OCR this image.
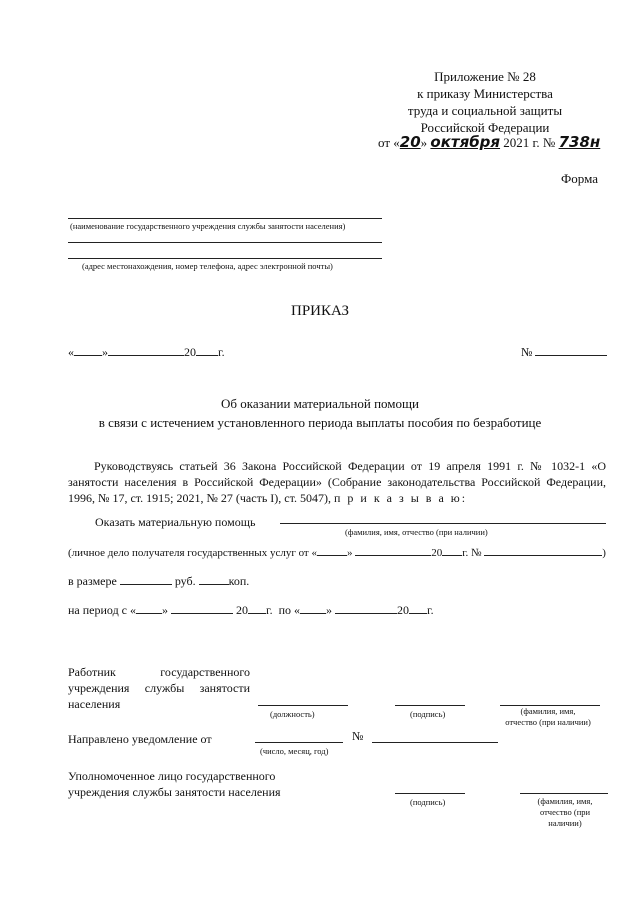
Приложение № 28
к приказу Министерства
труда и социальной защиты
Российской Федерации
от «20» октября 2021 г. № 738н
Форма
(наименование государственного учреждения службы занятости населения)
(адрес местонахождения, номер телефона, адрес электронной почты)
ПРИКАЗ
« »	20 г.	№
Об оказании материальной помощи
в связи с истечением установленного периода выплаты пособия по безработице
Руководствуясь статьей 36 Закона Российской Федерации от 19 апреля 1991 г. № 1032-1 «О занятости населения в Российской Федерации» (Собрание законодательства Российской Федерации, 1996, № 17, ст. 1915; 2021, № 27 (часть I), ст. 5047), п р и к а з ы в а ю:
Оказать материальную помощь
(фамилия, имя, отчество (при наличии)
(личное дело получателя государственных услуг от «	»	20 г. №	)
в размере	руб.	коп.
на период с « »	20 г. по « »	20 г.
Работник государственного
учреждения службы занятости
населения
(должность)	(подпись)	(фамилия, имя,
отчество (при наличии)
Направлено уведомление от
(число, месяц, год)
№
Уполномоченное лицо государственного
учреждения службы занятости населения
(подпись)	(фамилия, имя,
отчество (при
наличии)
